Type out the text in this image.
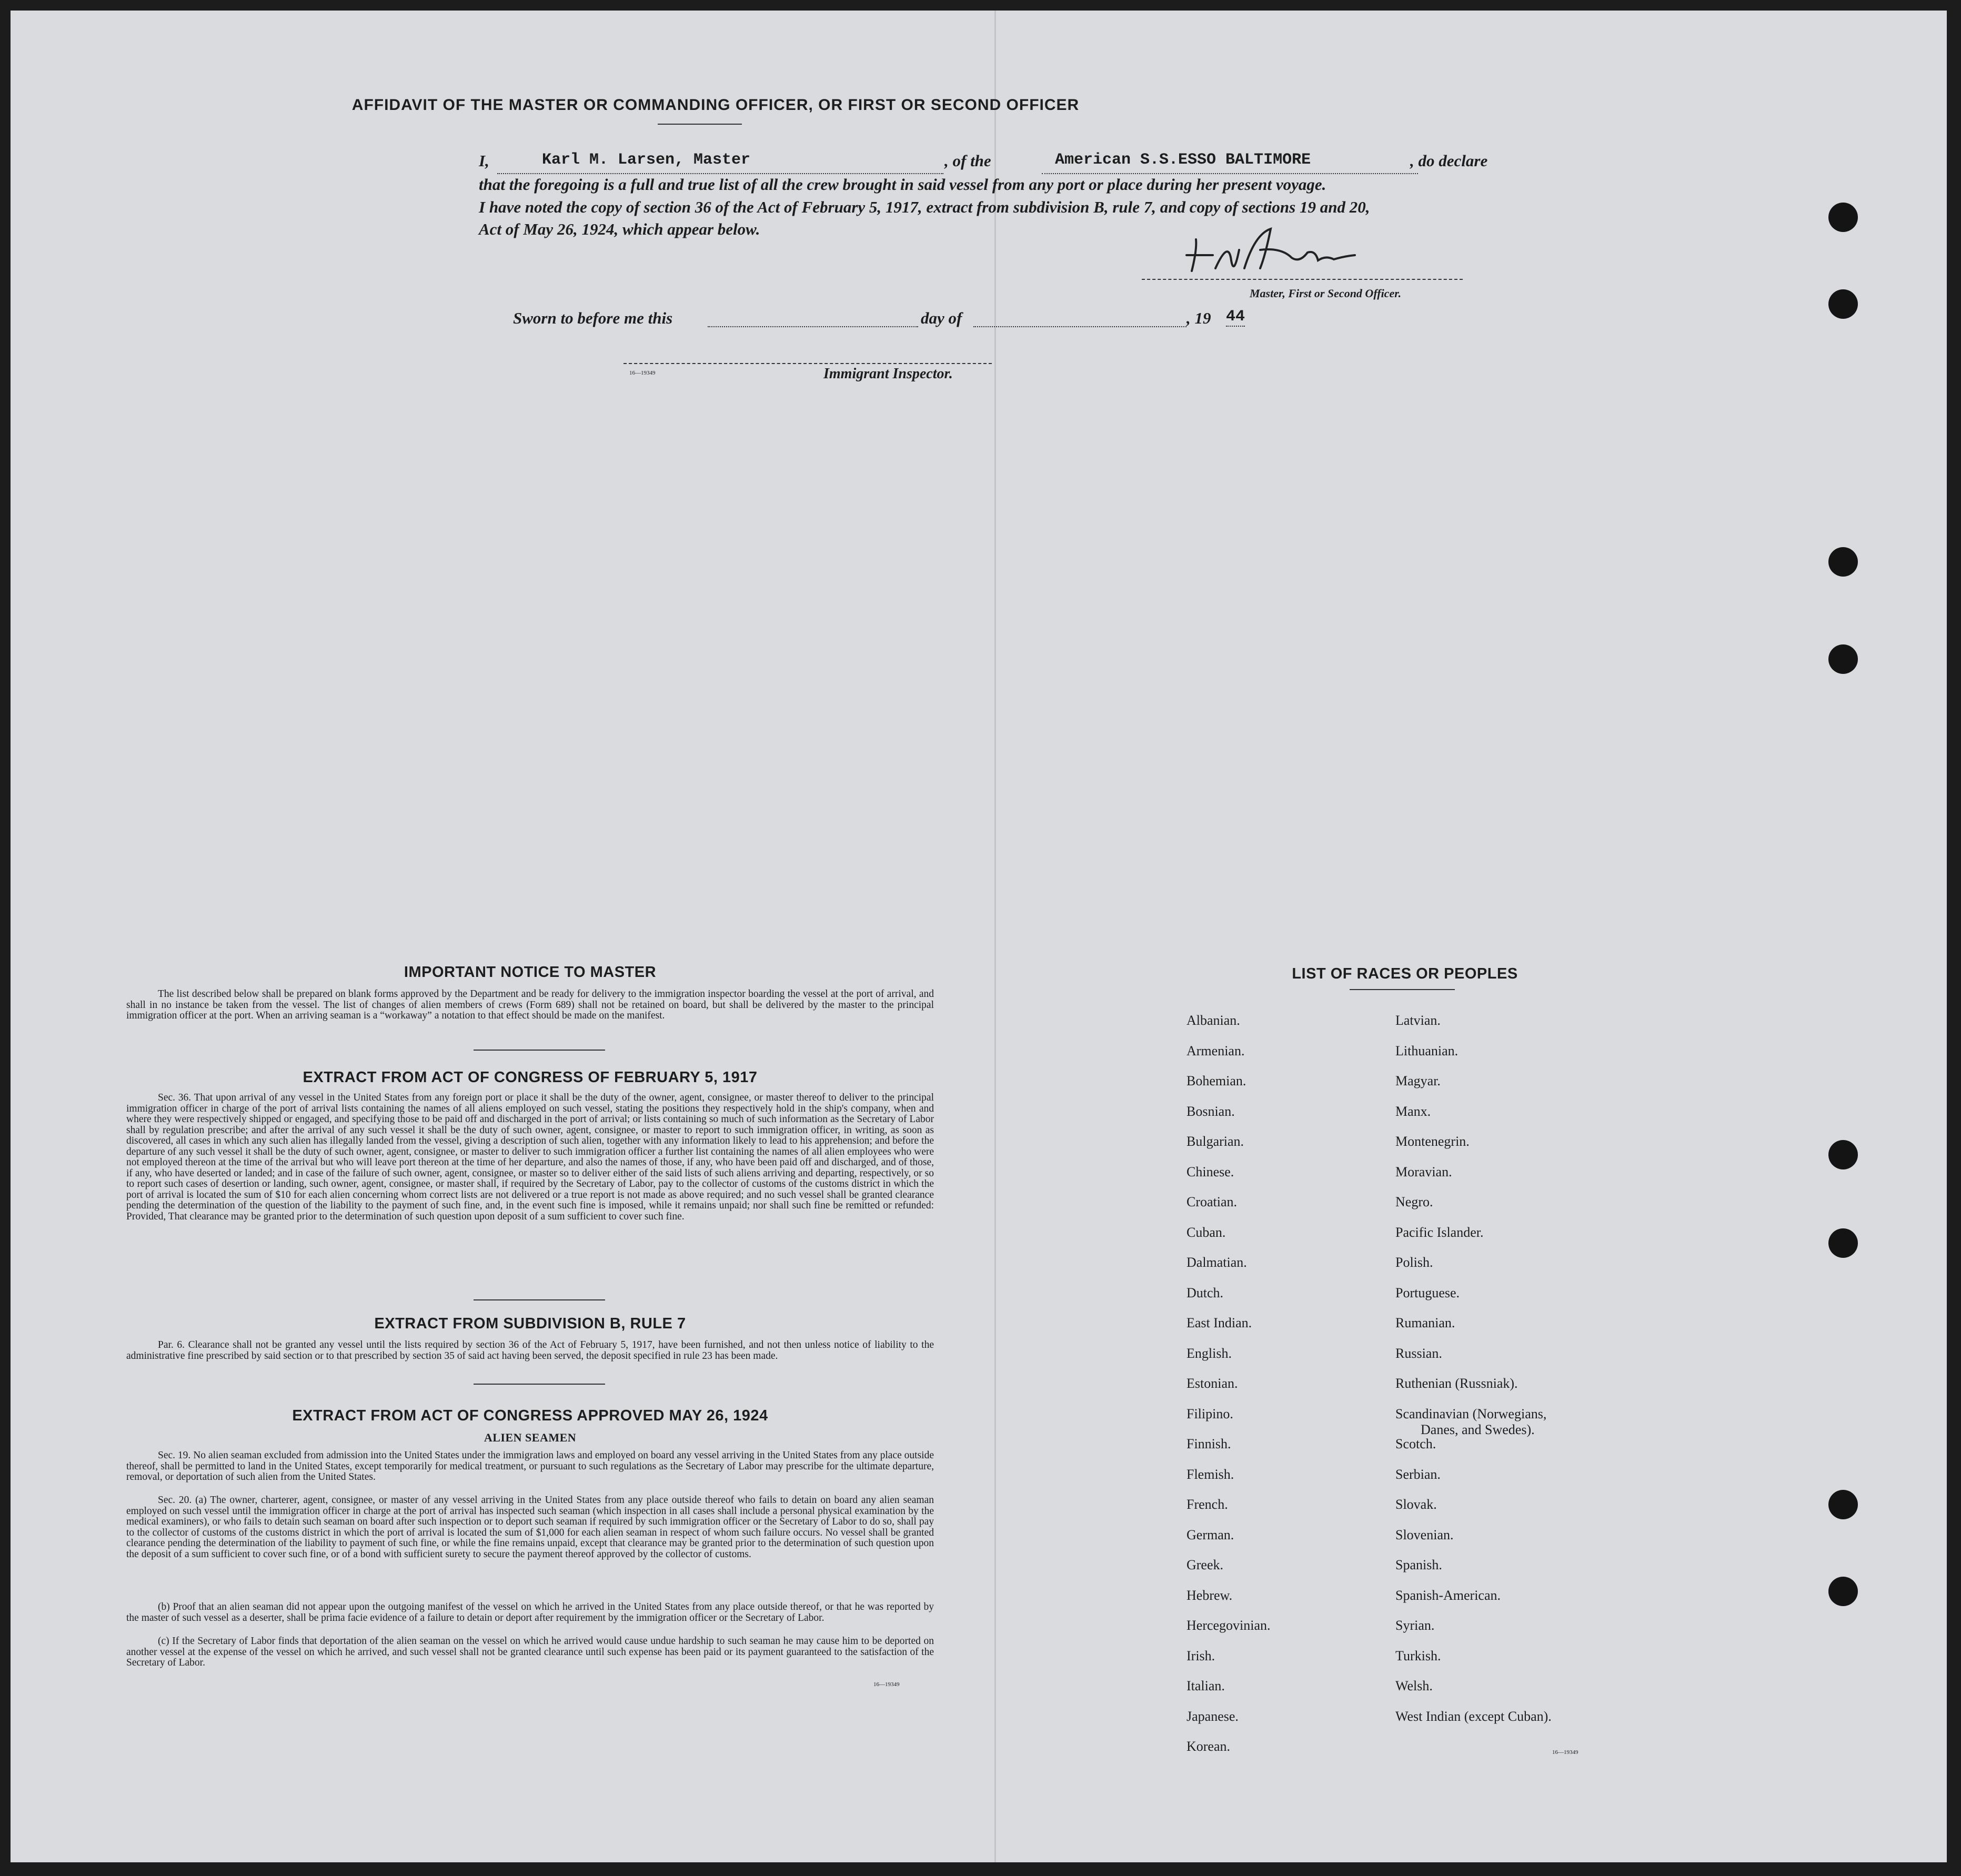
AFFIDAVIT OF THE MASTER OR COMMANDING OFFICER, OR FIRST OR SECOND OFFICER
I,	Karl M. Larsen, Master	, of the	American S.S.ESSO BALTIMORE	, do declare
that the foregoing is a full and true list of all the crew brought in said vessel from any port or place during her present voyage.
I have noted the copy of section 36 of the Act of February 5, 1917, extract from subdivision B, rule 7, and copy of sections 19 and 20,
Act of May 26, 1924, which appear below.
Master, First or Second Officer.
Sworn to before me this	day of	, 19 44
16—19349	Immigrant Inspector.
IMPORTANT NOTICE TO MASTER

The list described below shall be prepared on blank forms approved by the Department and be ready for delivery to the immigration inspector boarding the vessel at the port of arrival, and shall in no instance be taken from the vessel. The list of changes of alien members of crews (Form 689) shall not be retained on board, but shall be delivered by the master to the principal immigration officer at the port. When an arriving seaman is a “workaway” a notation to that effect should be made on the manifest.

EXTRACT FROM ACT OF CONGRESS OF FEBRUARY 5, 1917

Sec. 36. That upon arrival of any vessel in the United States from any foreign port or place it shall be the duty of the owner, agent, consignee, or master thereof to deliver to the principal immigration officer in charge of the port of arrival lists containing the names of all aliens employed on such vessel, stating the positions they respectively hold in the ship's company, when and where they were respectively shipped or engaged, and specifying those to be paid off and discharged in the port of arrival; or lists containing so much of such information as the Secretary of Labor shall by regulation prescribe; and after the arrival of any such vessel it shall be the duty of such owner, agent, consignee, or master to report to such immigration officer, in writing, as soon as discovered, all cases in which any such alien has illegally landed from the vessel, giving a description of such alien, together with any information likely to lead to his apprehension; and before the departure of any such vessel it shall be the duty of such owner, agent, consignee, or master to deliver to such immigration officer a further list containing the names of all alien employees who were not employed thereon at the time of the arrival but who will leave port thereon at the time of her departure, and also the names of those, if any, who have been paid off and discharged, and of those, if any, who have deserted or landed; and in case of the failure of such owner, agent, consignee, or master so to deliver either of the said lists of such aliens arriving and departing, respectively, or so to report such cases of desertion or landing, such owner, agent, consignee, or master shall, if required by the Secretary of Labor, pay to the collector of customs of the customs district in which the port of arrival is located the sum of $10 for each alien concerning whom correct lists are not delivered or a true report is not made as above required; and no such vessel shall be granted clearance pending the determination of the question of the liability to the payment of such fine, and, in the event such fine is imposed, while it remains unpaid; nor shall such fine be remitted or refunded: Provided, That clearance may be granted prior to the determination of such question upon deposit of a sum sufficient to cover such fine.

EXTRACT FROM SUBDIVISION B, RULE 7

Par. 6. Clearance shall not be granted any vessel until the lists required by section 36 of the Act of February 5, 1917, have been furnished, and not then unless notice of liability to the administrative fine prescribed by said section or to that prescribed by section 35 of said act having been served, the deposit specified in rule 23 has been made.

EXTRACT FROM ACT OF CONGRESS APPROVED MAY 26, 1924
ALIEN SEAMEN

Sec. 19. No alien seaman excluded from admission into the United States under the immigration laws and employed on board any vessel arriving in the United States from any place outside thereof, shall be permitted to land in the United States, except temporarily for medical treatment, or pursuant to such regulations as the Secretary of Labor may prescribe for the ultimate departure, removal, or deportation of such alien from the United States.

Sec. 20. (a) The owner, charterer, agent, consignee, or master of any vessel arriving in the United States from any place outside thereof who fails to detain on board any alien seaman employed on such vessel until the immigration officer in charge at the port of arrival has inspected such seaman (which inspection in all cases shall include a personal physical examination by the medical examiners), or who fails to detain such seaman on board after such inspection or to deport such seaman if required by such immigration officer or the Secretary of Labor to do so, shall pay to the collector of customs of the customs district in which the port of arrival is located the sum of $1,000 for each alien seaman in respect of whom such failure occurs. No vessel shall be granted clearance pending the determination of the liability to payment of such fine, or while the fine remains unpaid, except that clearance may be granted prior to the determination of such question upon the deposit of a sum sufficient to cover such fine, or of a bond with sufficient surety to secure the payment thereof approved by the collector of customs.

(b) Proof that an alien seaman did not appear upon the outgoing manifest of the vessel on which he arrived in the United States from any place outside thereof, or that he was reported by the master of such vessel as a deserter, shall be prima facie evidence of a failure to detain or deport after requirement by the immigration officer or the Secretary of Labor.

(c) If the Secretary of Labor finds that deportation of the alien seaman on the vessel on which he arrived would cause undue hardship to such seaman he may cause him to be deported on another vessel at the expense of the vessel on which he arrived, and such vessel shall not be granted clearance until such expense has been paid or its payment guaranteed to the satisfaction of the Secretary of Labor.

16—19349
LIST OF RACES OR PEOPLES
16—19349
Albanian.
Armenian.
Bohemian.
Bosnian.
Bulgarian.
Chinese.
Croatian.
Cuban.
Dalmatian.
Dutch.
East Indian.
English.
Estonian.
Filipino.
Finnish.
Flemish.
French.
German.
Greek.
Hebrew.
Hercegovinian.
Irish.
Italian.
Japanese.
Korean.
Latvian.
Lithuanian.
Magyar.
Manx.
Montenegrin.
Moravian.
Negro.
Pacific Islander.
Polish.
Portuguese.
Rumanian.
Russian.
Ruthenian (Russniak).
Scandinavian (Norwegians,
Danes, and Swedes).
Scotch.
Serbian.
Slovak.
Slovenian.
Spanish.
Spanish-American.
Syrian.
Turkish.
Welsh.
West Indian (except Cuban).
